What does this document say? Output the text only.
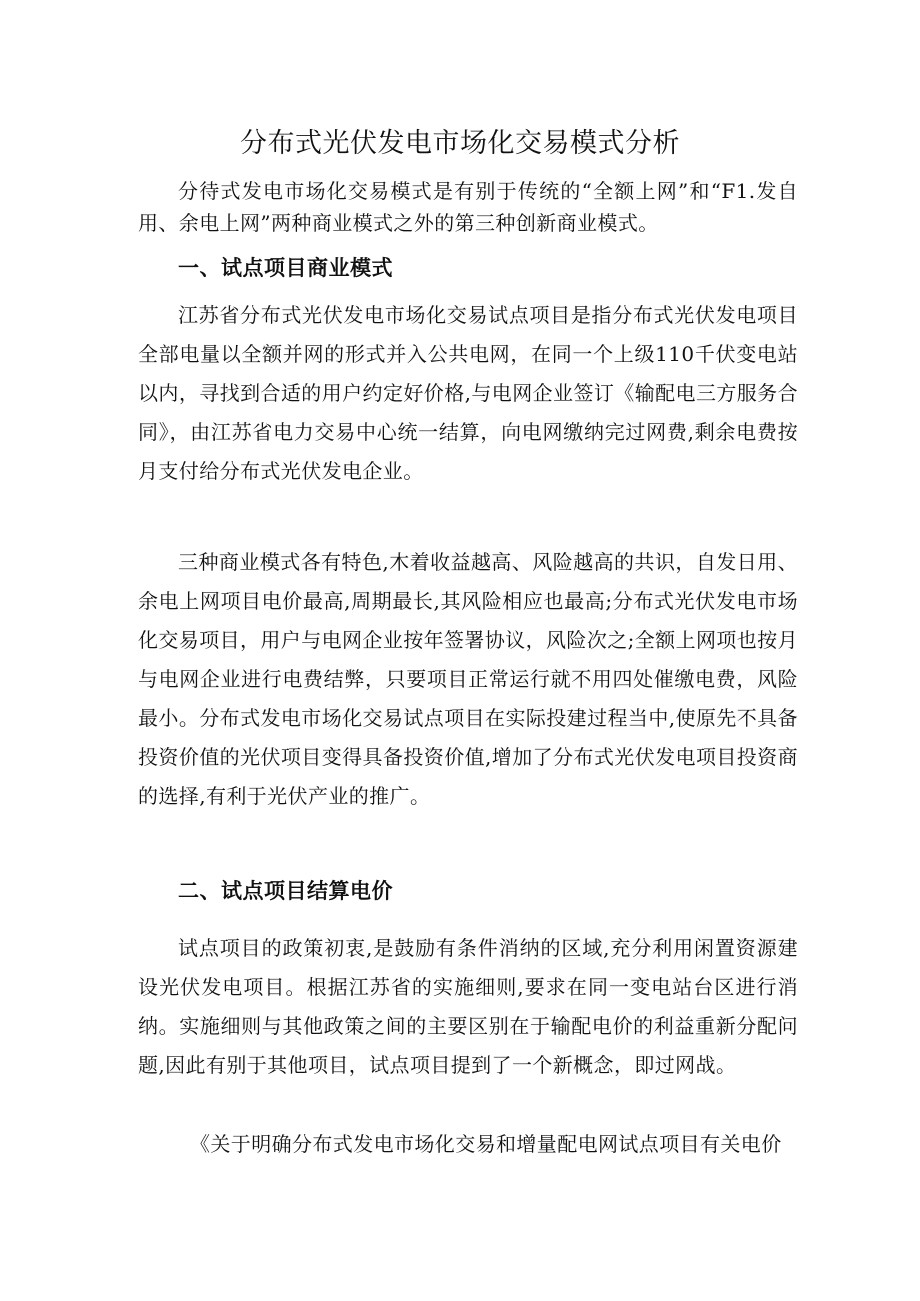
分布式光伏发电市场化交易模式分析

分待式发电市场化交易模式是有别于传统的“全额上网”和“F1.发自用、余电上网”两种商业模式之外的第三种创新商业模式。

一、试点项目商业模式

江苏省分布式光伏发电市场化交易试点项目是指分布式光伏发电项目全部电量以全额并网的形式并入公共电网，在同一个上级110千伏变电站以内，寻找到合适的用户约定好价格,与电网企业签订《输配电三方服务合同》，由江苏省电力交易中心统一结算，向电网缴纳完过网费,剩余电费按月支付给分布式光伏发电企业。

三种商业模式各有特色,木着收益越高、风险越高的共识，自发日用、余电上网项目电价最高,周期最长,其风险相应也最高;分布式光伏发电市场化交易项目，用户与电网企业按年签署协议，风险次之;全额上网项也按月与电网企业进行电费结弊，只要项目正常运行就不用四处催缴电费，风险最小。分布式发电市场化交易试点项目在实际投建过程当中,使原先不具备投资价值的光伏项目变得具备投资价值,增加了分布式光伏发电项目投资商的选择,有利于光伏产业的推广。

二、试点项目结算电价

试点项目的政策初衷,是鼓励有条件消纳的区域,充分利用闲置资源建设光伏发电项目。根据江苏省的实施细则,要求在同一变电站台区进行消纳。实施细则与其他政策之间的主要区别在于输配电价的利益重新分配问题,因此有别于其他项目，试点项目提到了一个新概念，即过网战。

《关于明确分布式发电市场化交易和增量配电网试点项目有关电价
